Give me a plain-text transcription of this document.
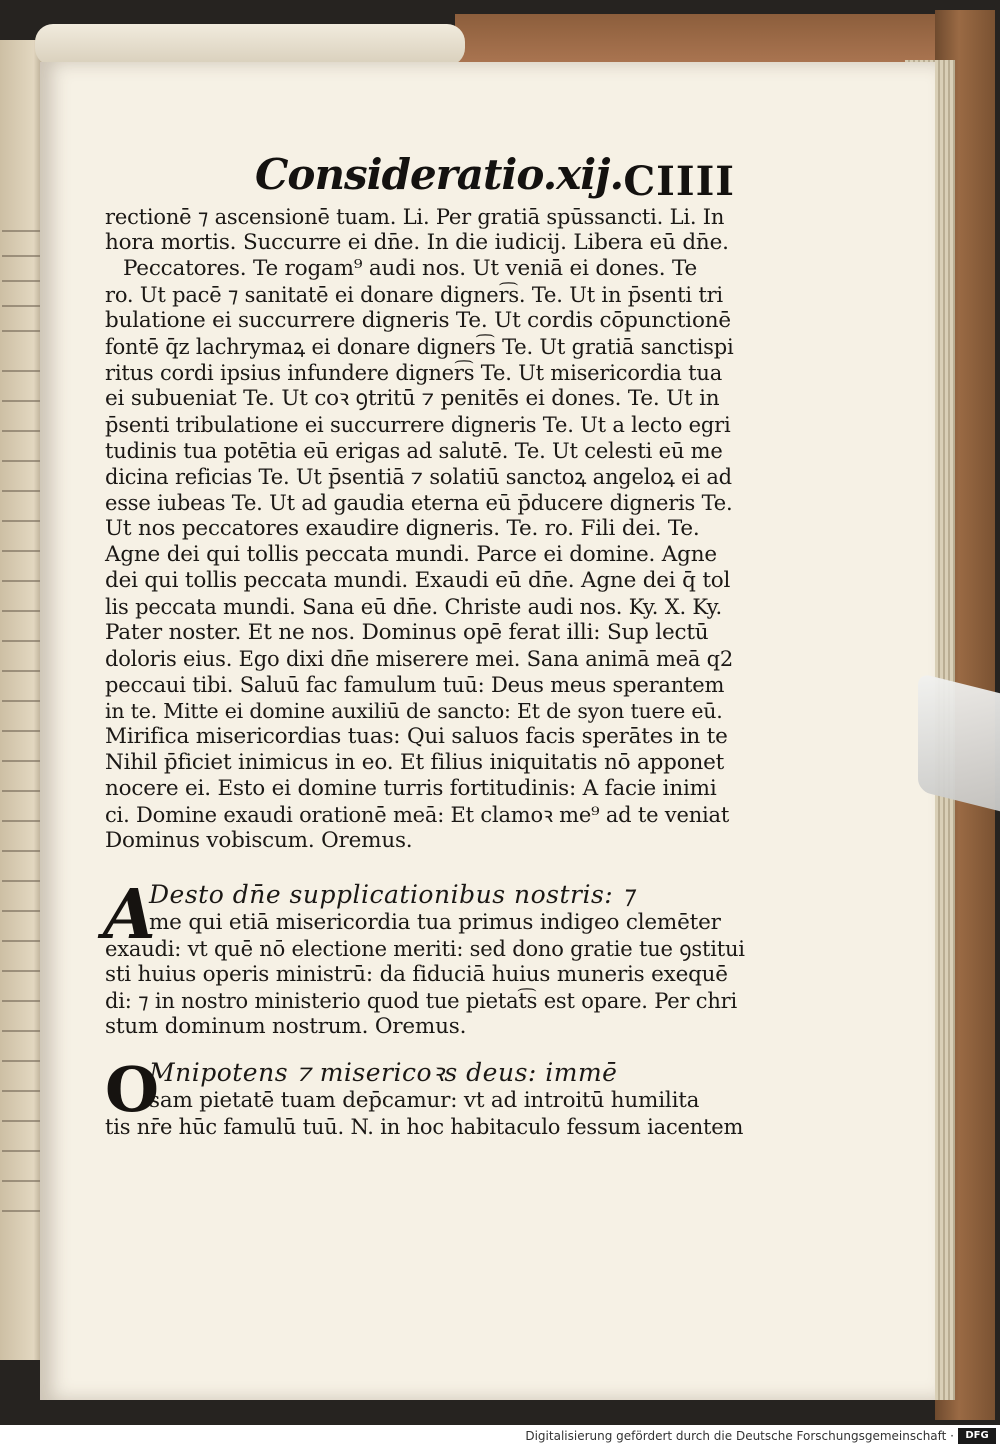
Consideratio.xij. CIIII
rectionē ⁊ ascensionē tuam. Li. Per gratiā spūssancti. Li. In
hora mortis. Succurre ei dn̄e. In die iudicij. Libera eū dn̄e.
Peccatores. Te rogam⁹ audi nos. Ut veniā ei dones. Te
ro. Ut pacē ⁊ sanitatē ei donare digner͡s. Te. Ut in p̄senti tri
bulatione ei succurrere digneris Te. Ut cordis cōpunctionē
fontē q̄z lachrymaꝝ ei donare digner͡s Te. Ut gratiā sanctispi
ritus cordi ipsius infundere digner͡s Te. Ut misericordia tua
ei subueniat Te. Ut coꝛ ꝯtritū ⁊ penitēs ei dones. Te. Ut in
p̄senti tribulatione ei succurrere digneris Te. Ut a lecto egri
tudinis tua potētia eū erigas ad salutē. Te. Ut celesti eū me
dicina reficias Te. Ut p̄sentiā ⁊ solatiū sanctoꝝ angeloꝝ ei ad
esse iubeas Te. Ut ad gaudia eterna eū p̄ducere digneris Te.
Ut nos peccatores exaudire digneris. Te. ro. Fili dei. Te.
Agne dei qui tollis peccata mundi. Parce ei domine. Agne
dei qui tollis peccata mundi. Exaudi eū dn̄e. Agne dei q̄ tol
lis peccata mundi. Sana eū dn̄e. Christe audi nos. Ky. X. Ky.
Pater noster. Et ne nos. Dominus opē ferat illi: Sup lectū
doloris eius. Ego dixi dn̄e miserere mei. Sana animā meā q2
peccaui tibi. Saluū fac famulum tuū: Deus meus sperantem
in te. Mitte ei domine auxiliū de sancto: Et de syon tuere eū.
Mirifica misericordias tuas: Qui saluos facis sperātes in te
Nihil p̄ficiet inimicus in eo. Et filius iniquitatis nō apponet
nocere ei. Esto ei domine turris fortitudinis: A facie inimi
ci. Domine exaudi orationē meā: Et clamoꝛ me⁹ ad te veniat
Dominus vobiscum. Oremus.
A
Desto dn̄e supplicationibus nostris: ⁊
me qui etiā misericordia tua primus indigeo clemēter
exaudi: vt quē nō electione meriti: sed dono gratie tue ꝯstitui
sti huius operis ministrū: da fiduciā huius muneris exequē
di: ⁊ in nostro ministerio quod tue pietat͡s est opare. Per chri
stum dominum nostrum. Oremus.
O
Mnipotens ⁊ misericoꝛs deus: immē
sam pietatē tuam dep̄camur: vt ad introitū humilita
tis nr̄e hūc famulū tuū. N. in hoc habitaculo fessum iacentem
Digitalisierung gefördert durch die Deutsche Forschungsgemeinschaft ·	DFG
